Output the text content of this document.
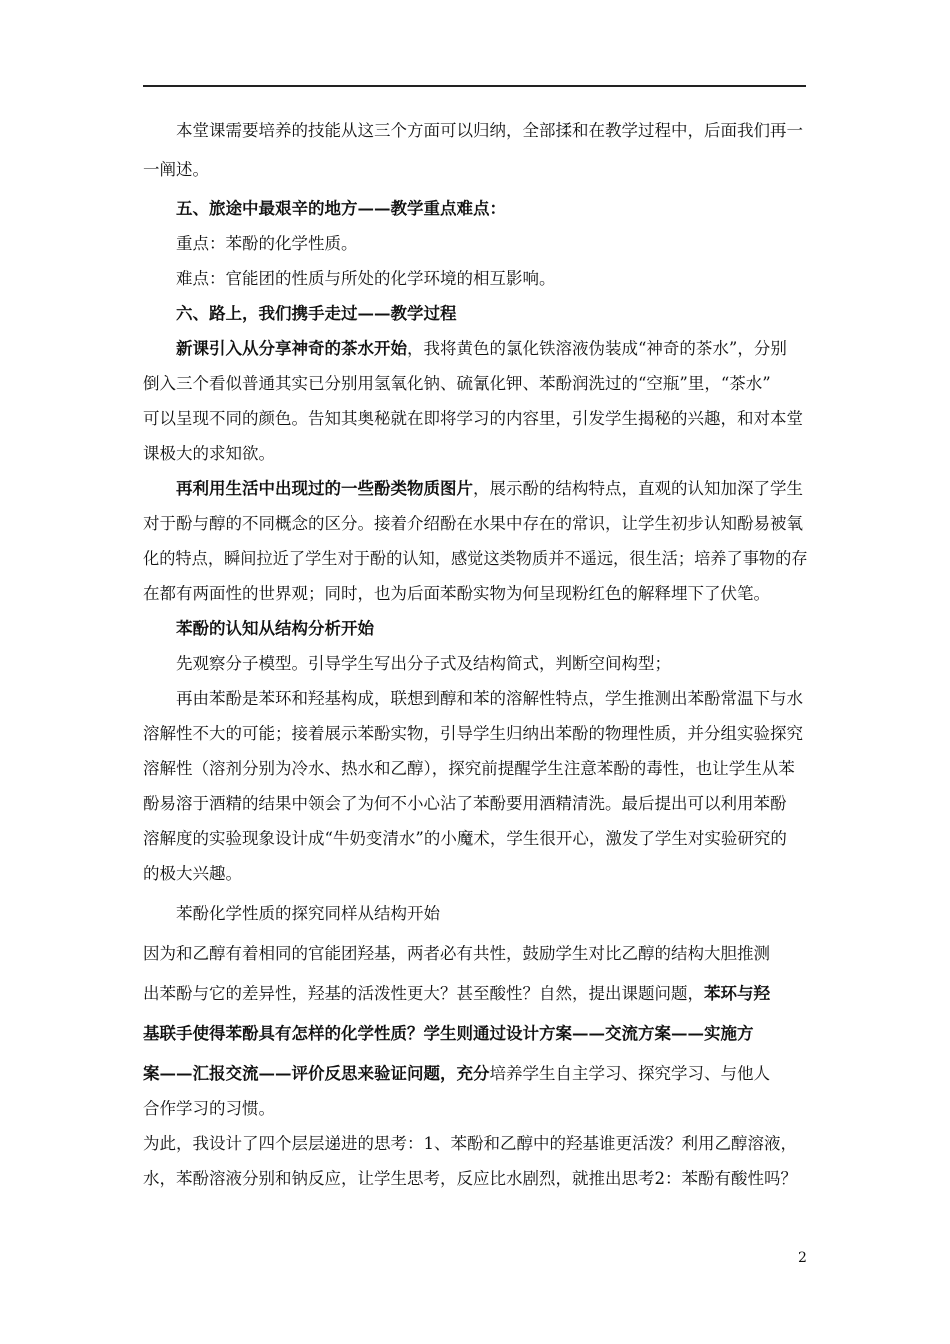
本堂课需要培养的技能从这三个方面可以归纳，全部揉和在教学过程中，后面我们再一
一阐述。
五、旅途中最艰辛的地方——教学重点难点：
重点：苯酚的化学性质。
难点：官能团的性质与所处的化学环境的相互影响。
六、路上，我们携手走过——教学过程
新课引入从分享神奇的茶水开始，我将黄色的氯化铁溶液伪装成“神奇的茶水”，分别
倒入三个看似普通其实已分别用氢氧化钠、硫氰化钾、苯酚润洗过的“空瓶”里，“茶水”
可以呈现不同的颜色。告知其奥秘就在即将学习的内容里，引发学生揭秘的兴趣，和对本堂
课极大的求知欲。
再利用生活中出现过的一些酚类物质图片，展示酚的结构特点，直观的认知加深了学生
对于酚与醇的不同概念的区分。接着介绍酚在水果中存在的常识，让学生初步认知酚易被氧
化的特点，瞬间拉近了学生对于酚的认知，感觉这类物质并不遥远，很生活；培养了事物的存
在都有两面性的世界观；同时，也为后面苯酚实物为何呈现粉红色的解释埋下了伏笔。
苯酚的认知从结构分析开始
先观察分子模型。引导学生写出分子式及结构简式，判断空间构型；
再由苯酚是苯环和羟基构成，联想到醇和苯的溶解性特点，学生推测出苯酚常温下与水
溶解性不大的可能；接着展示苯酚实物，引导学生归纳出苯酚的物理性质，并分组实验探究
溶解性（溶剂分别为冷水、热水和乙醇），探究前提醒学生注意苯酚的毒性，也让学生从苯
酚易溶于酒精的结果中领会了为何不小心沾了苯酚要用酒精清洗。最后提出可以利用苯酚
溶解度的实验现象设计成“牛奶变清水”的小魔术，学生很开心，激发了学生对实验研究的
的极大兴趣。
苯酚化学性质的探究同样从结构开始
因为和乙醇有着相同的官能团羟基，两者必有共性，鼓励学生对比乙醇的结构大胆推测
出苯酚与它的差异性，羟基的活泼性更大？甚至酸性？自然，提出课题问题，苯环与羟
基联手使得苯酚具有怎样的化学性质？学生则通过设计方案——交流方案——实施方
案——汇报交流——评价反思来验证问题，充分培养学生自主学习、探究学习、与他人
合作学习的习惯。
为此，我设计了四个层层递进的思考：1、苯酚和乙醇中的羟基谁更活泼？利用乙醇溶液，
水，苯酚溶液分别和钠反应，让学生思考，反应比水剧烈，就推出思考2：苯酚有酸性吗？
2
